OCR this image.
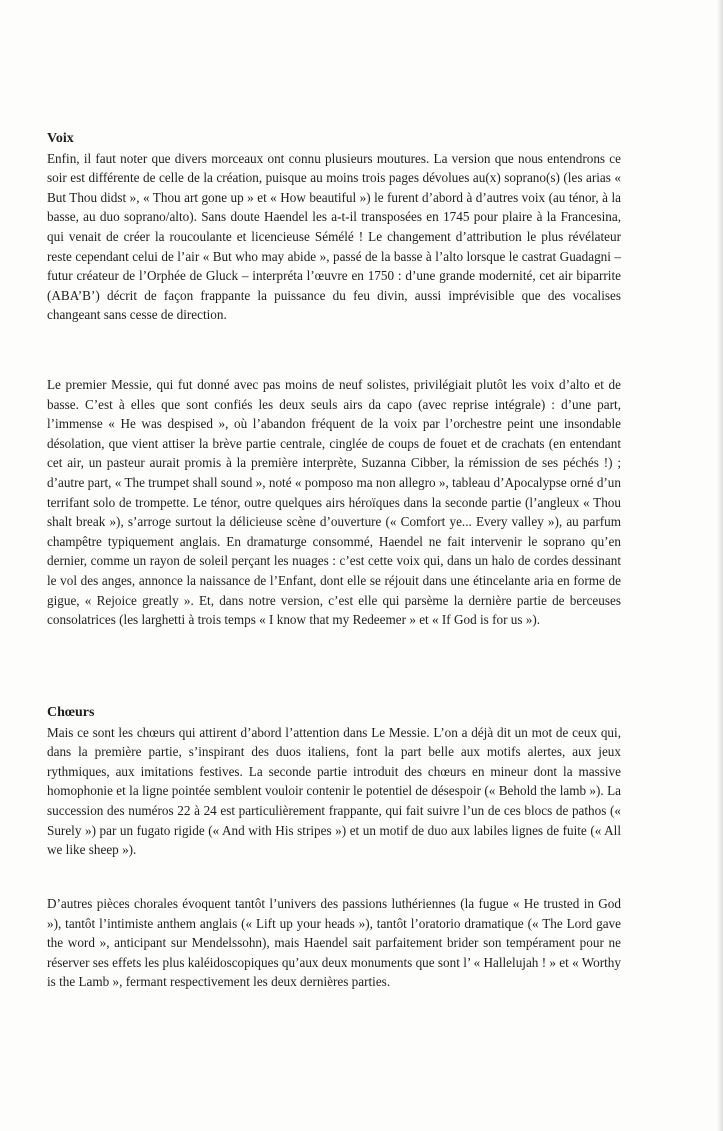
Voix

Enfin, il faut noter que divers morceaux ont connu plusieurs moutures. La version que nous entendrons ce soir est différente de celle de la création, puisque au moins trois pages dévolues au(x) soprano(s) (les arias « But Thou didst », « Thou art gone up » et « How beautiful ») le furent d’abord à d’autres voix (au ténor, à la basse, au duo soprano/alto). Sans doute Haendel les a-t-il transposées en 1745 pour plaire à la Francesina, qui venait de créer la roucoulante et licencieuse Sémélé ! Le changement d’attribution le plus révélateur reste cependant celui de l’air « But who may abide », passé de la basse à l’alto lorsque le castrat Guadagni – futur créateur de l’Orphée de Gluck – interpréta l’œuvre en 1750 : d’une grande modernité, cet air biparrite (ABA’B’) décrit de façon frappante la puissance du feu divin, aussi imprévisible que des vocalises changeant sans cesse de direction.

Le premier Messie, qui fut donné avec pas moins de neuf solistes, privilégiait plutôt les voix d’alto et de basse. C’est à elles que sont confiés les deux seuls airs da capo (avec reprise intégrale) : d’une part, l’immense « He was despised », où l’abandon fréquent de la voix par l’orchestre peint une insondable désolation, que vient attiser la brève partie centrale, cinglée de coups de fouet et de crachats (en entendant cet air, un pasteur aurait promis à la première interprète, Suzanna Cibber, la rémission de ses péchés !) ; d’autre part, « The trumpet shall sound », noté « pomposo ma non allegro », tableau d’Apocalypse orné d’un terrifant solo de trompette. Le ténor, outre quelques airs héroïques dans la seconde partie (l’angleux « Thou shalt break »), s’arroge surtout la délicieuse scène d’ouverture (« Comfort ye... Every valley »), au parfum champêtre typiquement anglais. En dramaturge consommé, Haendel ne fait intervenir le soprano qu’en dernier, comme un rayon de soleil perçant les nuages : c’est cette voix qui, dans un halo de cordes dessinant le vol des anges, annonce la naissance de l’Enfant, dont elle se réjouit dans une étincelante aria en forme de gigue, « Rejoice greatly ». Et, dans notre version, c’est elle qui parsème la dernière partie de berceuses consolatrices (les larghetti à trois temps « I know that my Redeemer » et « If God is for us »).

Chœurs

Mais ce sont les chœurs qui attirent d’abord l’attention dans Le Messie. L’on a déjà dit un mot de ceux qui, dans la première partie, s’inspirant des duos italiens, font la part belle aux motifs alertes, aux jeux rythmiques, aux imitations festives. La seconde partie introduit des chœurs en mineur dont la massive homophonie et la ligne pointée semblent vouloir contenir le potentiel de désespoir (« Behold the lamb »). La succession des numéros 22 à 24 est particulièrement frappante, qui fait suivre l’un de ces blocs de pathos (« Surely ») par un fugato rigide (« And with His stripes ») et un motif de duo aux labiles lignes de fuite (« All we like sheep »).

D’autres pièces chorales évoquent tantôt l’univers des passions luthériennes (la fugue « He trusted in God »), tantôt l’intimiste anthem anglais (« Lift up your heads »), tantôt l’oratorio dramatique (« The Lord gave the word », anticipant sur Mendelssohn), mais Haendel sait parfaitement brider son tempérament pour ne réserver ses effets les plus kaléidoscopiques qu’aux deux monuments que sont l’ « Hallelujah ! » et « Worthy is the Lamb », fermant respectivement les deux dernières parties.
